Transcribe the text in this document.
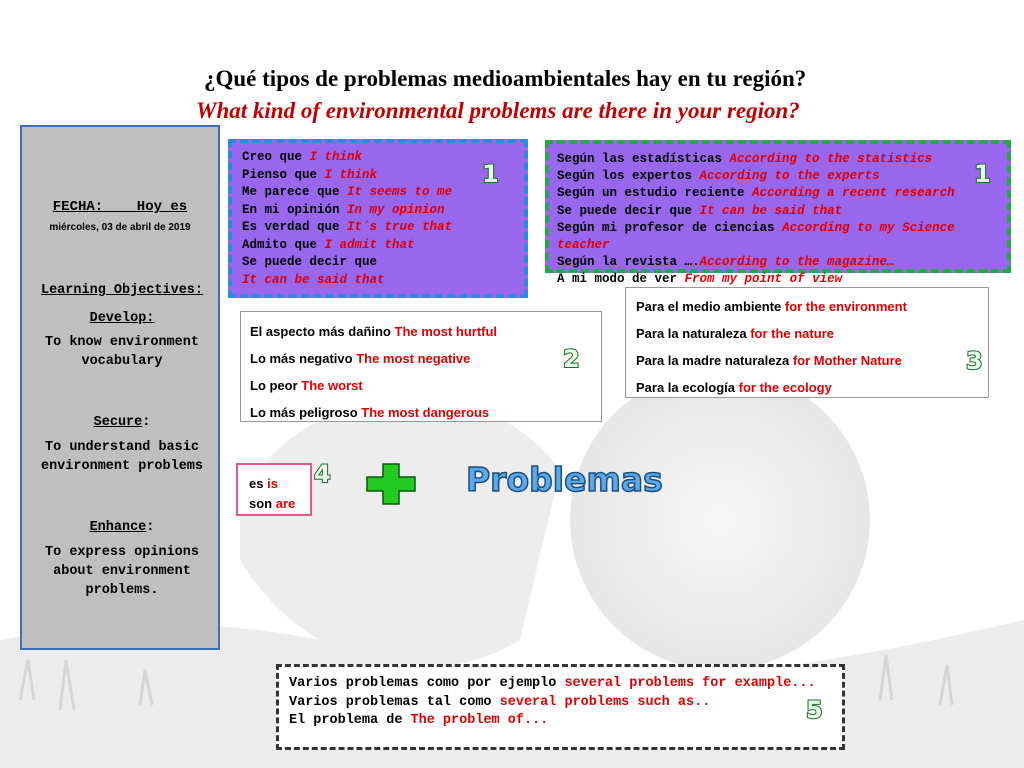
¿Qué tipos de problemas medioambientales hay en tu región?
What kind of environmental problems are there in your region?
FECHA:    Hoy es
miércoles, 03 de abril de 2019
Learning Objectives:
Develop:
To know environment vocabulary
Secure:
To understand basic environment problems
Enhance:
To express opinions about environment problems.
Creo que I think
Pienso que I think
Me parece que It seems to me
En mi opinión In my opinion
Es verdad que It´s true that
Admito que I admit that
Se puede decir que
It can be said that
1
Según las estadísticas According to the statistics
Según los expertos According to the experts
Según un estudio reciente According a recent research
Se puede decir que It can be said that
Según mi profesor de ciencias According to my Science teacher
Según la revista ….According to the magazine…
A mi modo de ver From my point of view
1
El aspecto más dañino The most hurtful
Lo más negativo The most negative
Lo peor The worst
Lo más peligroso The most dangerous
2
Para el medio ambiente for the environment
Para la naturaleza for the nature
Para la madre naturaleza for Mother Nature
Para la ecología for the ecology
3
es is
son are
4	Problemas
Varios problemas como por ejemplo several problems for example...
Varios problemas tal como several problems such as..
El problema de The problem of...	5
